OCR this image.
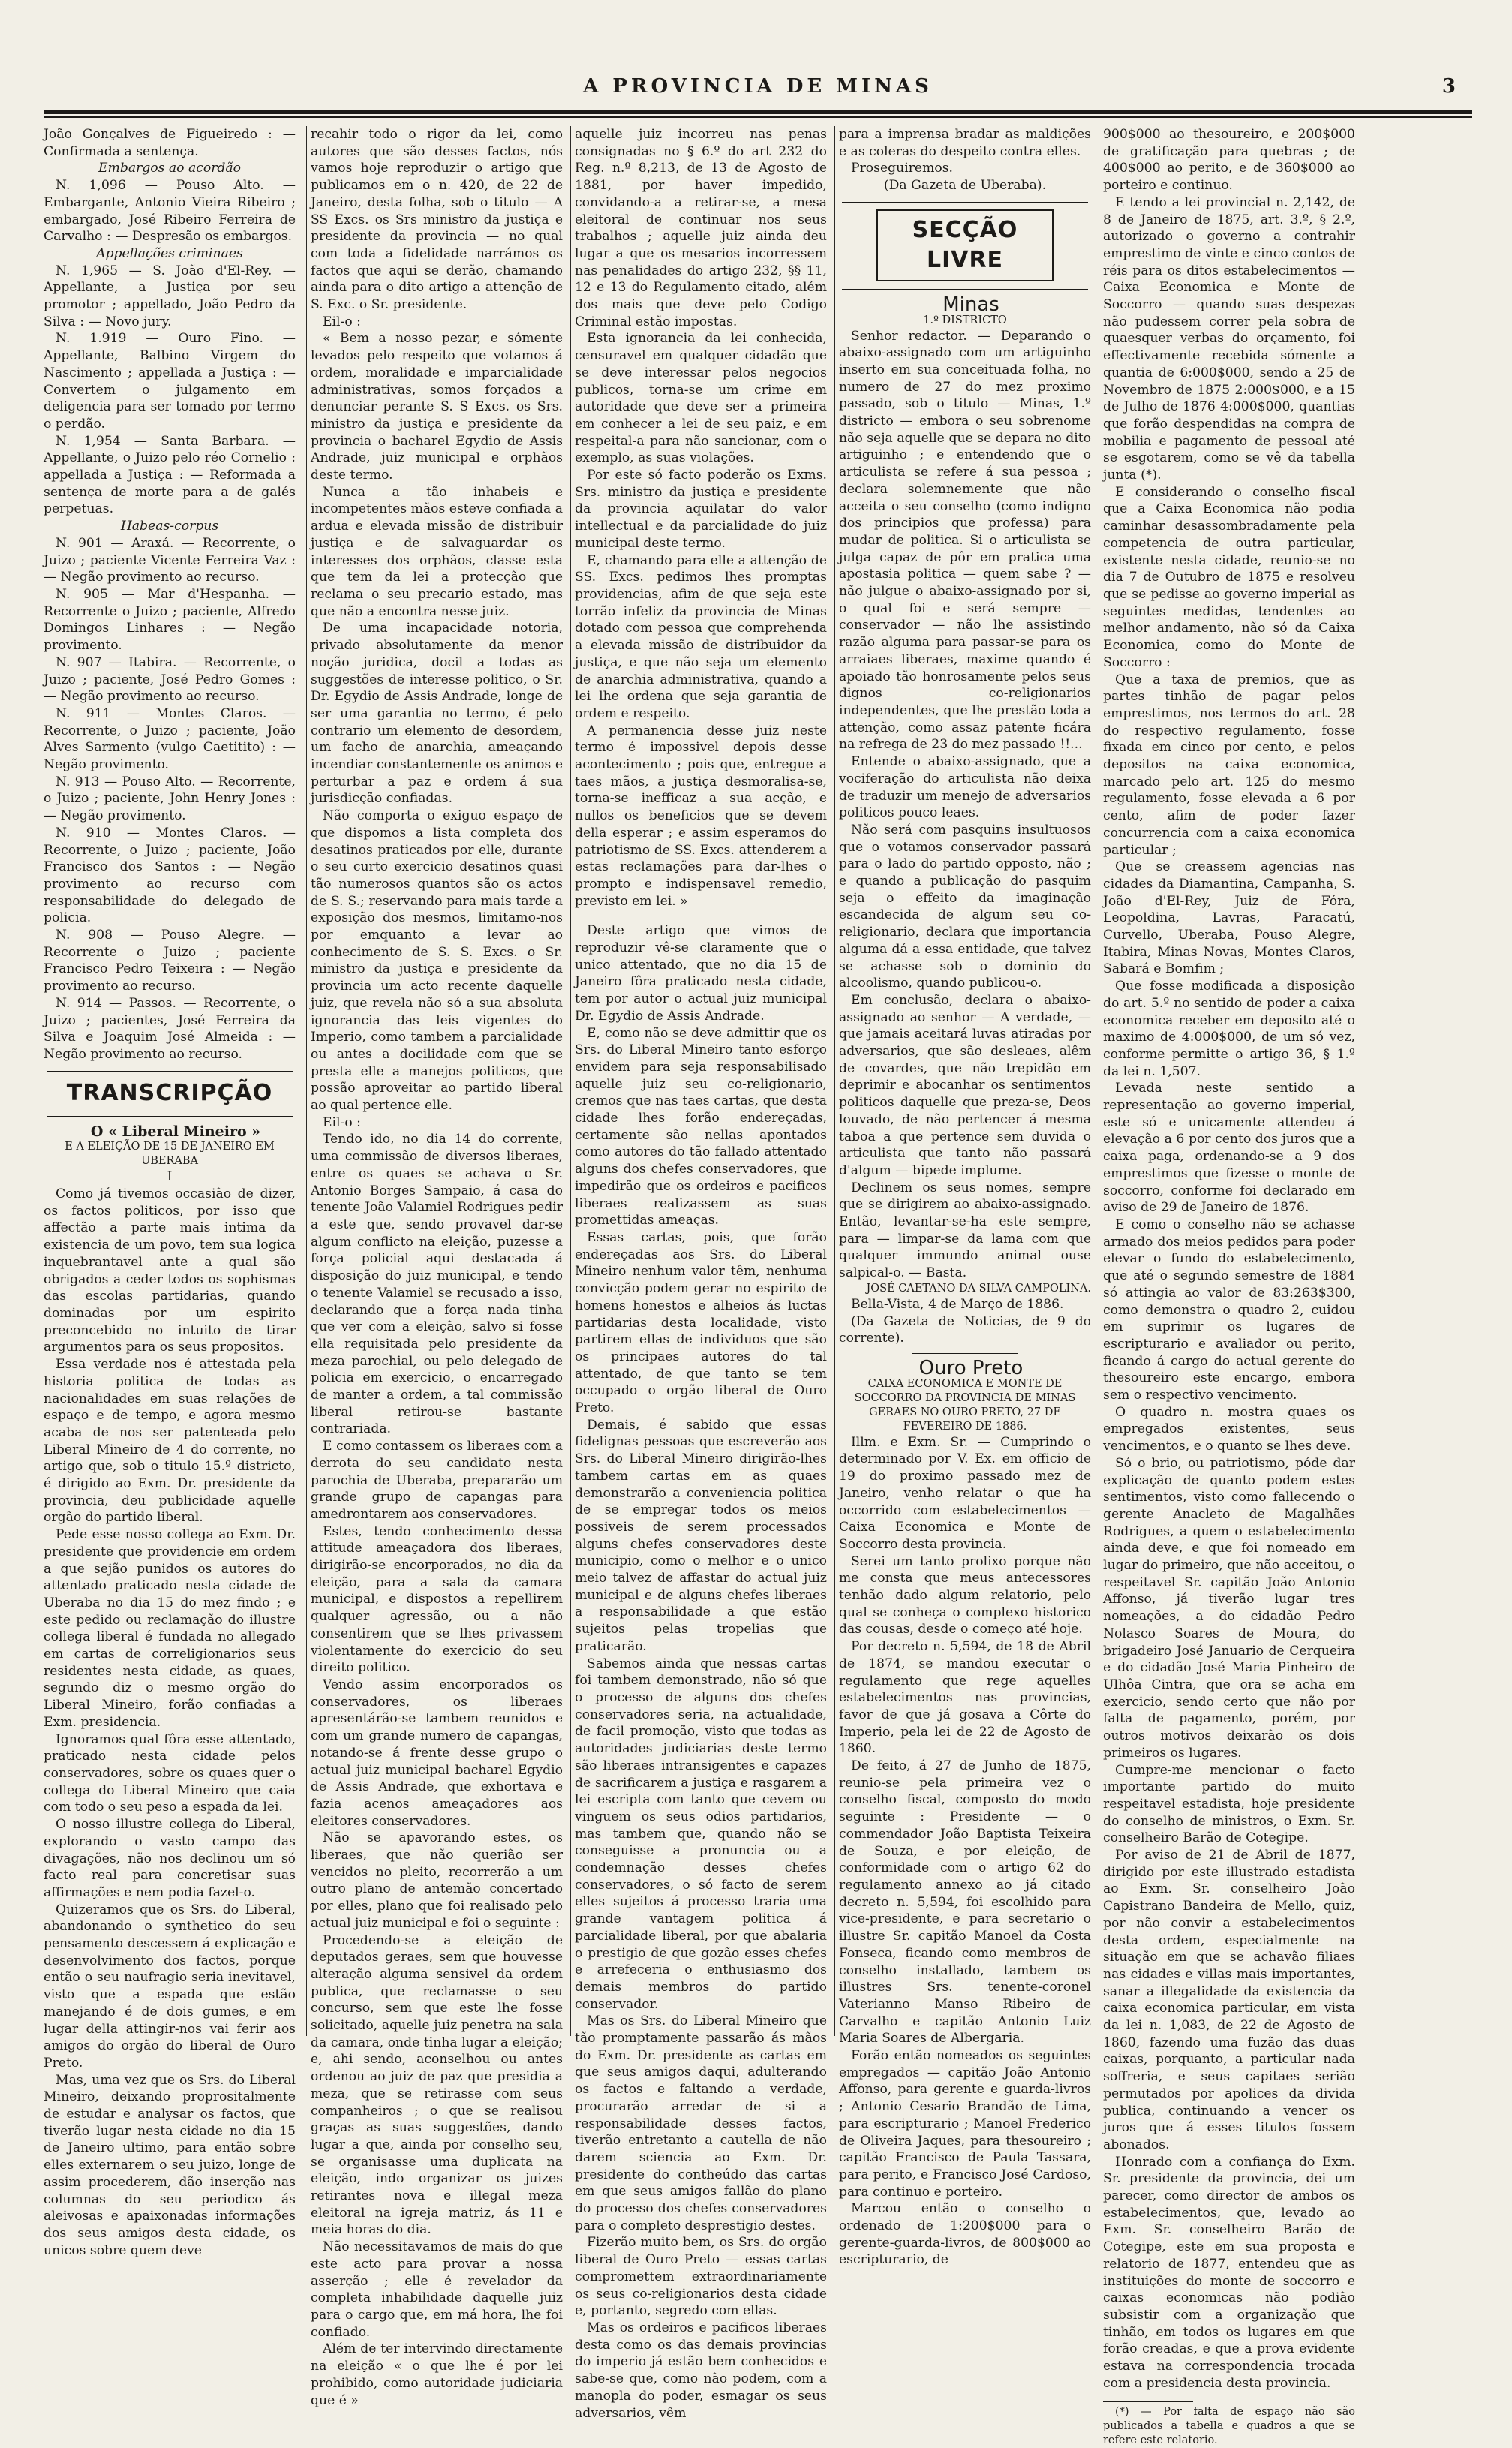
A PROVINCIA DE MINAS	3

João Gonçalves de Figueiredo : — Confirmada a sentença.

Embargos ao acordão

N. 1,096 — Pouso Alto. — Embargante, Antonio Vieira Ribeiro ; embargado, José Ribeiro Ferreira de Carvalho : — Despresão os embargos.

Appellações criminaes

N. 1,965 — S. João d'El-Rey. — Appellante, a Justiça por seu promotor ; appellado, João Pedro da Silva : — Novo jury.

N. 1.919 — Ouro Fino. — Appellante, Balbino Virgem do Nascimento ; appellada a Justiça : — Convertem o julgamento em deligencia para ser tomado por termo o perdão.

N. 1,954 — Santa Barbara. — Appellante, o Juizo pelo réo Cornelio : appellada a Justiça : — Reformada a sentença de morte para a de galés perpetuas.

Habeas-corpus

N. 901 — Araxá. — Recorrente, o Juizo ; paciente Vicente Ferreira Vaz : — Negão provimento ao recurso.

N. 905 — Mar d'Hespanha. — Recorrente o Juizo ; paciente, Alfredo Domingos Linhares : — Negão provimento.

N. 907 — Itabira. — Recorrente, o Juizo ; paciente, José Pedro Gomes : — Negão provimento ao recurso.

N. 911 — Montes Claros. — Recorrente, o Juizo ; paciente, João Alves Sarmento (vulgo Caetitito) : — Negão provimento.

N. 913 — Pouso Alto. — Recorrente, o Juizo ; paciente, John Henry Jones : — Negão provimento.

N. 910 — Montes Claros. — Recorrente, o Juizo ; paciente, João Francisco dos Santos : — Negão provimento ao recurso com responsabilidade do delegado de policia.

N. 908 — Pouso Alegre. — Recorrente o Juizo ; paciente Francisco Pedro Teixeira : — Negão provimento ao recurso.

N. 914 — Passos. — Recorrente, o Juizo ; pacientes, José Ferreira da Silva e Joaquim José Almeida : — Negão provimento ao recurso.

TRANSCRIPÇÃO

O « Liberal Mineiro »

E A ELEIÇÃO DE 15 DE JANEIRO EM UBERABA

I

Como já tivemos occasião de dizer, os factos politicos, por isso que affectão a parte mais intima da existencia de um povo, tem sua logica inquebrantavel ante a qual são obrigados a ceder todos os sophismas das escolas partidarias, quando dominadas por um espirito preconcebido no intuito de tirar argumentos para os seus propositos.

Essa verdade nos é attestada pela historia politica de todas as nacionalidades em suas relações de espaço e de tempo, e agora mesmo acaba de nos ser patenteada pelo Liberal Mineiro de 4 do corrente, no artigo que, sob o titulo 15.º districto, é dirigido ao Exm. Dr. presidente da provincia, deu publicidade aquelle orgão do partido liberal.

Pede esse nosso collega ao Exm. Dr. presidente que providencie em ordem a que sejão punidos os autores do attentado praticado nesta cidade de Uberaba no dia 15 do mez findo ; e este pedido ou reclamação do illustre collega liberal é fundada no allegado em cartas de correligionarios seus residentes nesta cidade, as quaes, segundo diz o mesmo orgão do Liberal Mineiro, forão confiadas a Exm. presidencia.

Ignoramos qual fôra esse attentado, praticado nesta cidade pelos conservadores, sobre os quaes quer o collega do Liberal Mineiro que caia com todo o seu peso a espada da lei.

O nosso illustre collega do Liberal, explorando o vasto campo das divagações, não nos declinou um só facto real para concretisar suas affirmações e nem podia fazel-o.

Quizeramos que os Srs. do Liberal, abandonando o synthetico do seu pensamento descessem á explicação e desenvolvimento dos factos, porque então o seu naufragio seria inevitavel, visto que a espada que estão manejando é de dois gumes, e em lugar della attingir-nos vai ferir aos amigos do orgão do liberal de Ouro Preto.

Mas, uma vez que os Srs. do Liberal Mineiro, deixando proprositalmente de estudar e analysar os factos, que tiverão lugar nesta cidade no dia 15 de Janeiro ultimo, para então sobre elles externarem o seu juizo, longe de assim procederem, dão inserção nas columnas do seu periodico ás aleivosas e apaixonadas informações dos seus amigos desta cidade, os unicos sobre quem deve

recahir todo o rigor da lei, como autores que são desses factos, nós vamos hoje reproduzir o artigo que publicamos em o n. 420, de 22 de Janeiro, desta folha, sob o titulo — A SS Excs. os Srs ministro da justiça e presidente da provincia — no qual com toda a fidelidade narrámos os factos que aqui se derão, chamando ainda para o dito artigo a attenção de S. Exc. o Sr. presidente.

Eil-o :

« Bem a nosso pezar, e sómente levados pelo respeito que votamos á ordem, moralidade e imparcialidade administrativas, somos forçados a denunciar perante S. S Excs. os Srs. ministro da justiça e presidente da provincia o bacharel Egydio de Assis Andrade, juiz municipal e orphãos deste termo.

Nunca a tão inhabeis e incompetentes mãos esteve confiada a ardua e elevada missão de distribuir justiça e de salvaguardar os interesses dos orphãos, classe esta que tem da lei a protecção que reclama o seu precario estado, mas que não a encontra nesse juiz.

De uma incapacidade notoria, privado absolutamente da menor noção juridica, docil a todas as suggestões de interesse politico, o Sr. Dr. Egydio de Assis Andrade, longe de ser uma garantia no termo, é pelo contrario um elemento de desordem, um facho de anarchia, ameaçando incendiar constantemente os animos e perturbar a paz e ordem á sua jurisdicção confiadas.

Não comporta o exiguo espaço de que dispomos a lista completa dos desatinos praticados por elle, durante o seu curto exercicio desatinos quasi tão numerosos quantos são os actos de S. S.; reservando para mais tarde a exposição dos mesmos, limitamo-nos por emquanto a levar ao conhecimento de S. S. Excs. o Sr. ministro da justiça e presidente da provincia um acto recente daquelle juiz, que revela não só a sua absoluta ignorancia das leis vigentes do Imperio, como tambem a parcialidade ou antes a docilidade com que se presta elle a manejos politicos, que possão aproveitar ao partido liberal ao qual pertence elle.

Eil-o :

Tendo ido, no dia 14 do corrente, uma commissão de diversos liberaes, entre os quaes se achava o Sr. Antonio Borges Sampaio, á casa do tenente João Valamiel Rodrigues pedir a este que, sendo provavel dar-se algum conflicto na eleição, puzesse a força policial aqui destacada á disposição do juiz municipal, e tendo o tenente Valamiel se recusado a isso, declarando que a força nada tinha que ver com a eleição, salvo si fosse ella requisitada pelo presidente da meza parochial, ou pelo delegado de policia em exercicio, o encarregado de manter a ordem, a tal commissão liberal retirou-se bastante contrariada.

E como contassem os liberaes com a derrota do seu candidato nesta parochia de Uberaba, prepararão um grande grupo de capangas para amedrontarem aos conservadores.

Estes, tendo conhecimento dessa attitude ameaçadora dos liberaes, dirigirão-se encorporados, no dia da eleição, para a sala da camara municipal, e dispostos a repellirem qualquer agressão, ou a não consentirem que se lhes privassem violentamente do exercicio do seu direito politico.

Vendo assim encorporados os conservadores, os liberaes apresentárão-se tambem reunidos e com um grande numero de capangas, notando-se á frente desse grupo o actual juiz municipal bacharel Egydio de Assis Andrade, que exhortava e fazia acenos ameaçadores aos eleitores conservadores.

Não se apavorando estes, os liberaes, que não querião ser vencidos no pleito, recorrerão a um outro plano de antemão concertado por elles, plano que foi realisado pelo actual juiz municipal e foi o seguinte :

Procedendo-se a eleição de deputados geraes, sem que houvesse alteração alguma sensivel da ordem publica, que reclamasse o seu concurso, sem que este lhe fosse solicitado, aquelle juiz penetra na sala da camara, onde tinha lugar a eleição; e, ahi sendo, aconselhou ou antes ordenou ao juiz de paz que presidia a meza, que se retirasse com seus companheiros ; o que se realisou graças as suas suggestões, dando lugar a que, ainda por conselho seu, se organisasse uma duplicata na eleição, indo organizar os juizes retirantes nova e illegal meza eleitoral na igreja matriz, ás 11 e meia horas do dia.

Não necessitavamos de mais do que este acto para provar a nossa asserção ; elle é revelador da completa inhabilidade daquelle juiz para o cargo que, em má hora, lhe foi confiado.

Além de ter intervindo directamente na eleição « o que lhe é por lei prohibido, como autoridade judiciaria que é »

aquelle juiz incorreu nas penas consignadas no § 6.º do art 232 do Reg. n.º 8,213, de 13 de Agosto de 1881, por haver impedido, convidando-a a retirar-se, a mesa eleitoral de continuar nos seus trabalhos ; aquelle juiz ainda deu lugar a que os mesarios incorressem nas penalidades do artigo 232, §§ 11, 12 e 13 do Regulamento citado, além dos mais que deve pelo Codigo Criminal estão impostas.

Esta ignorancia da lei conhecida, censuravel em qualquer cidadão que se deve interessar pelos negocios publicos, torna-se um crime em autoridade que deve ser a primeira em conhecer a lei de seu paiz, e em respeital-a para não sancionar, com o exemplo, as suas violações.

Por este só facto poderão os Exms. Srs. ministro da justiça e presidente da provincia aquilatar do valor intellectual e da parcialidade do juiz municipal deste termo.

E, chamando para elle a attenção de SS. Excs. pedimos lhes promptas providencias, afim de que seja este torrão infeliz da provincia de Minas dotado com pessoa que comprehenda a elevada missão de distribuidor da justiça, e que não seja um elemento de anarchia administrativa, quando a lei lhe ordena que seja garantia de ordem e respeito.

A permanencia desse juiz neste termo é impossivel depois desse acontecimento ; pois que, entregue a taes mãos, a justiça desmoralisa-se, torna-se inefficaz a sua acção, e nullos os beneficios que se devem della esperar ; e assim esperamos do patriotismo de SS. Excs. attenderem a estas reclamações para dar-lhes o prompto e indispensavel remedio, previsto em lei. »

Deste artigo que vimos de reproduzir vê-se claramente que o unico attentado, que no dia 15 de Janeiro fôra praticado nesta cidade, tem por autor o actual juiz municipal Dr. Egydio de Assis Andrade.

E, como não se deve admittir que os Srs. do Liberal Mineiro tanto esforço envidem para seja responsabilisado aquelle juiz seu co-religionario, cremos que nas taes cartas, que desta cidade lhes forão endereçadas, certamente são nellas apontados como autores do tão fallado attentado alguns dos chefes conservadores, que impedirão que os ordeiros e pacificos liberaes realizassem as suas promettidas ameaças.

Essas cartas, pois, que forão endereçadas aos Srs. do Liberal Mineiro nenhum valor têm, nenhuma convicção podem gerar no espirito de homens honestos e alheios ás luctas partidarias desta localidade, visto partirem ellas de individuos que são os principaes autores do tal attentado, de que tanto se tem occupado o orgão liberal de Ouro Preto.

Demais, é sabido que essas fidelignas pessoas que escreverão aos Srs. do Liberal Mineiro dirigirão-lhes tambem cartas em as quaes demonstrarão a conveniencia politica de se empregar todos os meios possiveis de serem processados alguns chefes conservadores deste municipio, como o melhor e o unico meio talvez de affastar do actual juiz municipal e de alguns chefes liberaes a responsabilidade a que estão sujeitos pelas tropelias que praticarão.

Sabemos ainda que nessas cartas foi tambem demonstrado, não só que o processo de alguns dos chefes conservadores seria, na actualidade, de facil promoção, visto que todas as autoridades judiciarias deste termo são liberaes intransigentes e capazes de sacrificarem a justiça e rasgarem a lei escripta com tanto que cevem ou vinguem os seus odios partidarios, mas tambem que, quando não se conseguisse a pronuncia ou a condemnação desses chefes conservadores, o só facto de serem elles sujeitos á processo traria uma grande vantagem politica á parcialidade liberal, por que abalaria o prestigio de que gozão esses chefes e arrefeceria o enthusiasmo dos demais membros do partido conservador.

Mas os Srs. do Liberal Mineiro que tão promptamente passarão ás mãos do Exm. Dr. presidente as cartas em que seus amigos daqui, adulterando os factos e faltando a verdade, procurarão arredar de si a responsabilidade desses factos, tiverão entretanto a cautella de não darem sciencia ao Exm. Dr. presidente do contheúdo das cartas em que seus amigos fallão do plano do processo dos chefes conservadores para o completo desprestigio destes.

Fizerão muito bem, os Srs. do orgão liberal de Ouro Preto — essas cartas compromettem extraordinariamente os seus co-religionarios desta cidade e, portanto, segredo com ellas.

Mas os ordeiros e pacificos liberaes desta como os das demais provincias do imperio já estão bem conhecidos e sabe-se que, como não podem, com a manopla do poder, esmagar os seus adversarios, vêm

para a imprensa bradar as maldições e as coleras do despeito contra elles.

Proseguiremos.

(Da Gazeta de Uberaba).

SECÇÃO LIVRE

Minas

1.º DISTRICTO

Senhor redactor. — Deparando o abaixo-assignado com um artiguinho inserto em sua conceituada folha, no numero de 27 do mez proximo passado, sob o titulo — Minas, 1.º districto — embora o seu sobrenome não seja aquelle que se depara no dito artiguinho ; e entendendo que o articulista se refere á sua pessoa ; declara solemnemente que não acceita o seu conselho (como indigno dos principios que professa) para mudar de politica. Si o articulista se julga capaz de pôr em pratica uma apostasia politica — quem sabe ? — não julgue o abaixo-assignado por si, o qual foi e será sempre — conservador — não lhe assistindo razão alguma para passar-se para os arraiaes liberaes, maxime quando é apoiado tão honrosamente pelos seus dignos co-religionarios independentes, que lhe prestão toda a attenção, como assaz patente ficára na refrega de 23 do mez passado !!...

Entende o abaixo-assignado, que a vociferação do articulista não deixa de traduzir um menejo de adversarios politicos pouco leaes.

Não será com pasquins insultuosos que o votamos conservador passará para o lado do partido opposto, não ; e quando a publicação do pasquim seja o effeito da imaginação escandecida de algum seu co-religionario, declara que importancia alguma dá a essa entidade, que talvez se achasse sob o dominio do alcoolismo, quando publicou-o.

Em conclusão, declara o abaixo-assignado ao senhor — A verdade, — que jamais aceitará luvas atiradas por adversarios, que são desleaes, alêm de covardes, que não trepidão em deprimir e abocanhar os sentimentos politicos daquelle que preza-se, Deos louvado, de não pertencer á mesma taboa a que pertence sem duvida o articulista que tanto não passará d'algum — bipede implume.

Declinem os seus nomes, sempre que se dirigirem ao abaixo-assignado. Então, levantar-se-ha este sempre, para — limpar-se da lama com que qualquer immundo animal ouse salpical-o. — Basta.

JOSÉ CAETANO DA SILVA CAMPOLINA.

Bella-Vista, 4 de Março de 1886.

(Da Gazeta de Noticias, de 9 do corrente).

Ouro Preto

CAIXA ECONOMICA E MONTE DE SOCCORRO DA PROVINCIA DE MINAS GERAES NO OURO PRETO, 27 DE FEVEREIRO DE 1886.

Illm. e Exm. Sr. — Cumprindo o determinado por V. Ex. em officio de 19 do proximo passado mez de Janeiro, venho relatar o que ha occorrido com estabelecimentos —Caixa Economica e Monte de Soccorro desta provincia.

Serei um tanto prolixo porque não me consta que meus antecessores tenhão dado algum relatorio, pelo qual se conheça o complexo historico das cousas, desde o começo até hoje.

Por decreto n. 5,594, de 18 de Abril de 1874, se mandou executar o regulamento que rege aquelles estabelecimentos nas provincias, favor de que já gosava a Côrte do Imperio, pela lei de 22 de Agosto de 1860.

De feito, á 27 de Junho de 1875, reunio-se pela primeira vez o conselho fiscal, composto do modo seguinte : Presidente — o commendador João Baptista Teixeira de Souza, e por eleição, de conformidade com o artigo 62 do regulamento annexo ao já citado decreto n. 5,594, foi escolhido para vice-presidente, e para secretario o illustre Sr. capitão Manoel da Costa Fonseca, ficando como membros de conselho installado, tambem os illustres Srs. tenente-coronel Vaterianno Manso Ribeiro de Carvalho e capitão Antonio Luiz Maria Soares de Albergaria.

Forão então nomeados os seguintes empregados — capitão João Antonio Affonso, para gerente e guarda-livros ; Antonio Cesario Brandão de Lima, para escripturario ; Manoel Frederico de Oliveira Jaques, para thesoureiro ; capitão Francisco de Paula Tassara, para perito, e Francisco José Cardoso, para continuo e porteiro.

Marcou então o conselho o ordenado de 1:200$000 para o gerente-guarda-livros, de 800$000 ao escripturario, de

900$000 ao thesoureiro, e 200$000 de gratificação para quebras ; de 400$000 ao perito, e de 360$000 ao porteiro e continuo.

E tendo a lei provincial n. 2,142, de 8 de Janeiro de 1875, art. 3.º, § 2.º, autorizado o governo a contrahir emprestimo de vinte e cinco contos de réis para os ditos estabelecimentos — Caixa Economica e Monte de Soccorro — quando suas despezas não pudessem correr pela sobra de quaesquer verbas do orçamento, foi effectivamente recebida sómente a quantia de 6:000$000, sendo a 25 de Novembro de 1875 2:000$000, e a 15 de Julho de 1876 4:000$000, quantias que forão despendidas na compra de mobilia e pagamento de pessoal até se esgotarem, como se vê da tabella junta (*).

E considerando o conselho fiscal que a Caixa Economica não podia caminhar desassombradamente pela competencia de outra particular, existente nesta cidade, reunio-se no dia 7 de Outubro de 1875 e resolveu que se pedisse ao governo imperial as seguintes medidas, tendentes ao melhor andamento, não só da Caixa Economica, como do Monte de Soccorro :

Que a taxa de premios, que as partes tinhão de pagar pelos emprestimos, nos termos do art. 28 do respectivo regulamento, fosse fixada em cinco por cento, e pelos depositos na caixa economica, marcado pelo art. 125 do mesmo regulamento, fosse elevada a 6 por cento, afim de poder fazer concurrencia com a caixa economica particular ;

Que se creassem agencias nas cidades da Diamantina, Campanha, S. João d'El-Rey, Juiz de Fóra, Leopoldina, Lavras, Paracatú, Curvello, Uberaba, Pouso Alegre, Itabira, Minas Novas, Montes Claros, Sabará e Bomfim ;

Que fosse modificada a disposição do art. 5.º no sentido de poder a caixa economica receber em deposito até o maximo de 4:000$000, de um só vez, conforme permitte o artigo 36, § 1.º da lei n. 1,507.

Levada neste sentido a representação ao governo imperial, este só e unicamente attendeu á elevação a 6 por cento dos juros que a caixa paga, ordenando-se a 9 dos emprestimos que fizesse o monte de soccorro, conforme foi declarado em aviso de 29 de Janeiro de 1876.

E como o conselho não se achasse armado dos meios pedidos para poder elevar o fundo do estabelecimento, que até o segundo semestre de 1884 só attingia ao valor de 83:263$300, como demonstra o quadro 2, cuidou em suprimir os lugares de escripturario e avaliador ou perito, ficando á cargo do actual gerente do thesoureiro este encargo, embora sem o respectivo vencimento.

O quadro n. mostra quaes os empregados existentes, seus vencimentos, e o quanto se lhes deve.

Só o brio, ou patriotismo, póde dar explicação de quanto podem estes sentimentos, visto como fallecendo o gerente Anacleto de Magalhães Rodrigues, a quem o estabelecimento ainda deve, e que foi nomeado em lugar do primeiro, que não acceitou, o respeitavel Sr. capitão João Antonio Affonso, já tiverão lugar tres nomeações, a do cidadão Pedro Nolasco Soares de Moura, do brigadeiro José Januario de Cerqueira e do cidadão José Maria Pinheiro de Ulhôa Cintra, que ora se acha em exercicio, sendo certo que não por falta de pagamento, porém, por outros motivos deixarão os dois primeiros os lugares.

Cumpre-me mencionar o facto importante partido do muito respeitavel estadista, hoje presidente do conselho de ministros, o Exm. Sr. conselheiro Barão de Cotegipe.

Por aviso de 21 de Abril de 1877, dirigido por este illustrado estadista ao Exm. Sr. conselheiro João Capistrano Bandeira de Mello, quiz, por não convir a estabelecimentos desta ordem, especialmente na situação em que se achavão filiaes nas cidades e villas mais importantes, sanar a illegalidade da existencia da caixa economica particular, em vista da lei n. 1,083, de 22 de Agosto de 1860, fazendo uma fuzão das duas caixas, porquanto, a particular nada soffreria, e seus capitaes serião permutados por apolices da divida publica, continuando a vencer os juros que á esses titulos fossem abonados.

Honrado com a confiança do Exm. Sr. presidente da provincia, dei um parecer, como director de ambos os estabelecimentos, que, levado ao Exm. Sr. conselheiro Barão de Cotegipe, este em sua proposta e relatorio de 1877, entendeu que as instituições do monte de soccorro e caixas economicas não podião subsistir com a organização que tinhão, em todos os lugares em que forão creadas, e que a prova evidente estava na correspondencia trocada com a presidencia desta provincia.

(*) — Por falta de espaço não são publicados a tabella e quadros a que se refere este relatorio.
